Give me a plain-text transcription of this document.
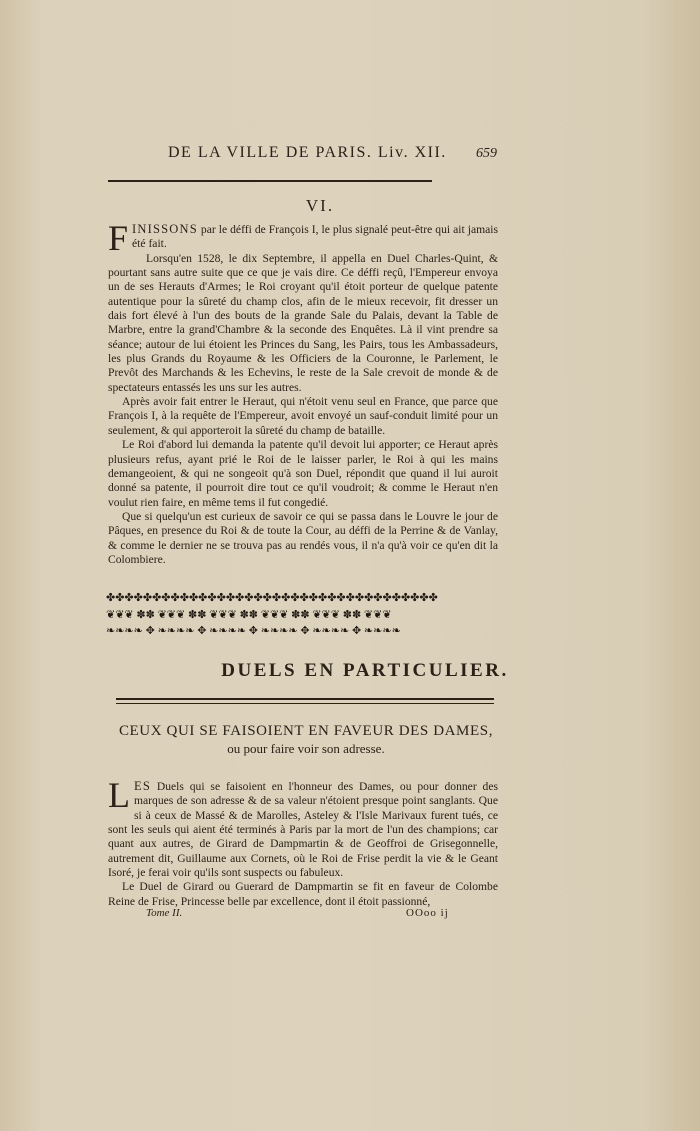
DE LA VILLE DE PARIS. Liv. XII. 659
VI.

FINISSONS par le déffi de François I, le plus signalé peut-être qui ait jamais été fait.

Lorsqu'en 1528, le dix Septembre, il appella en Duel Charles-Quint, & pourtant sans autre suite que ce que je vais dire. Ce déffi reçû, l'Empereur envoya un de ses Herauts d'Armes; le Roi croyant qu'il étoit porteur de quelque patente autentique pour la sûreté du champ clos, afin de le mieux recevoir, fit dresser un dais fort élevé à l'un des bouts de la grande Sale du Palais, devant la Table de Marbre, entre la grand'Chambre & la seconde des Enquêtes. Là il vint prendre sa séance; autour de lui étoient les Princes du Sang, les Pairs, tous les Ambassadeurs, les plus Grands du Royaume & les Officiers de la Couronne, le Parlement, le Prevôt des Marchands & les Echevins, le reste de la Sale crevoit de monde & de spectateurs entassés les uns sur les autres.

Après avoir fait entrer le Heraut, qui n'étoit venu seul en France, que parce que François I, à la requête de l'Empereur, avoit envoyé un sauf-conduit limité pour un seulement, & qui apporteroit la sûreté du champ de bataille.

Le Roi d'abord lui demanda la patente qu'il devoit lui apporter; ce Heraut après plusieurs refus, ayant prié le Roi de le laisser parler, le Roi à qui les mains demangeoient, & qui ne songeoit qu'à son Duel, répondit que quand il lui auroit donné sa patente, il pourroit dire tout ce qu'il voudroit; & comme le Heraut n'en voulut rien faire, en même tems il fut congedié.

Que si quelqu'un est curieux de savoir ce qui se passa dans le Louvre le jour de Pâques, en presence du Roi & de toute la Cour, au déffi de la Perrine & de Vanlay, & comme le dernier ne se trouva pas au rendés vous, il n'a qu'à voir ce qu'en dit la Colombiere.

✤✤✤✤✤✤✤✤✤✤✤✤✤✤✤✤✤✤✤✤✤✤✤✤✤✤✤✤✤✤✤✤✤✤✤✤
❦❦❦ ✽✽ ❦❦❦ ✽✽ ❦❦❦ ✽✽ ❦❦❦ ✽✽ ❦❦❦ ✽✽ ❦❦❦
❧❧❧❧ ✥ ❧❧❧❧ ✥ ❧❧❧❧ ✥ ❧❧❧❧ ✥ ❧❧❧❧ ✥ ❧❧❧❧
DUELS EN PARTICULIER.
CEUX QUI SE FAISOIENT EN FAVEUR DES DAMES,
ou pour faire voir son adresse.

LES Duels qui se faisoient en l'honneur des Dames, ou pour donner des marques de son adresse & de sa valeur n'étoient presque point sanglants. Que si à ceux de Massé & de Marolles, Asteley & l'Isle Marivaux furent tués, ce sont les seuls qui aient été terminés à Paris par la mort de l'un des champions; car quant aux autres, de Girard de Dampmartin & de Geoffroi de Grisegonnelle, autrement dit, Guillaume aux Cornets, où le Roi de Frise perdit la vie & le Geant Isoré, je ferai voir qu'ils sont suspects ou fabuleux.

Le Duel de Girard ou Guerard de Dampmartin se fit en faveur de Colombe Reine de Frise, Princesse belle par excellence, dont il étoit passionné,

Tome II.	OOoo ij
